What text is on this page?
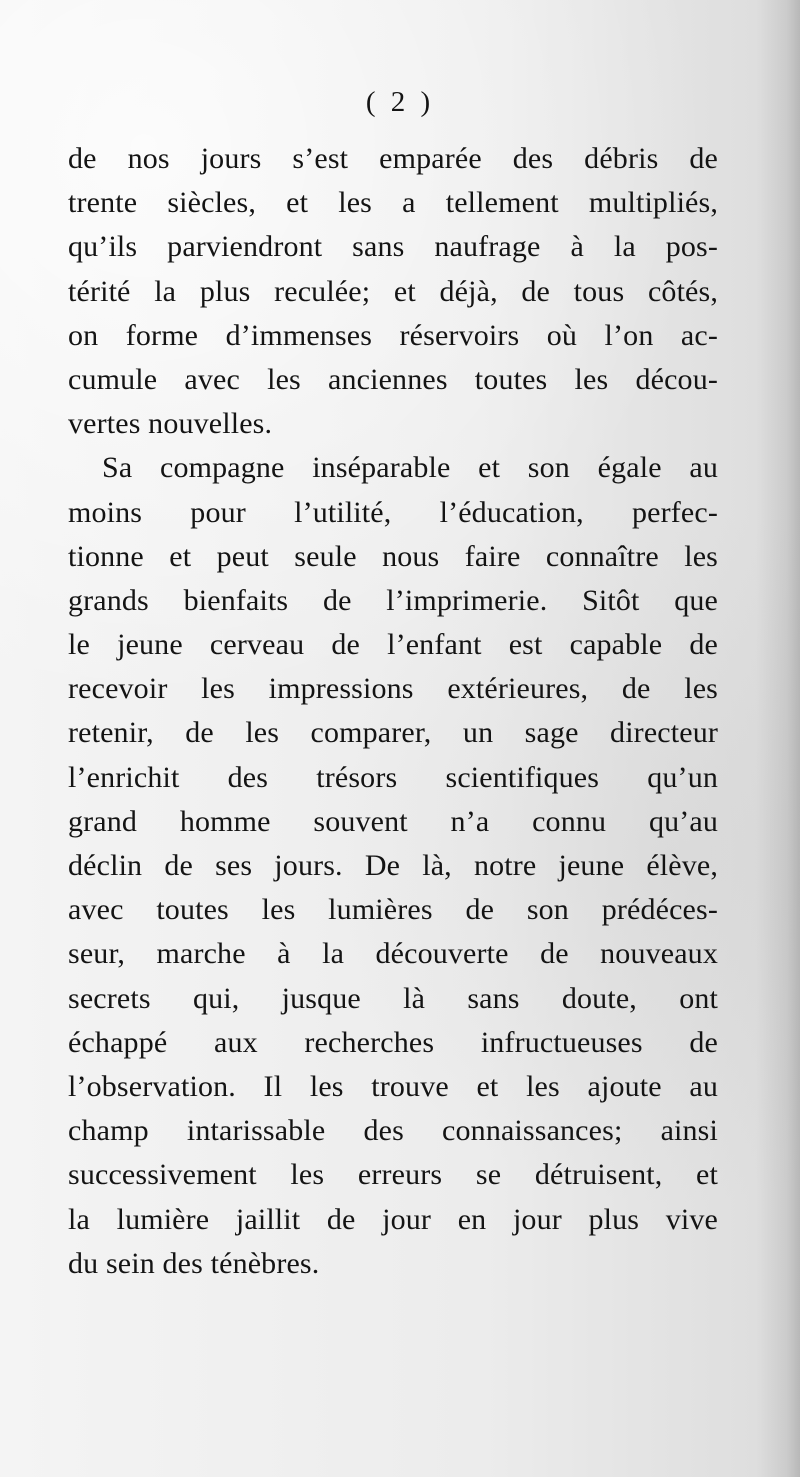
( 2 )
de nos jours s’est emparée des débris de
trente siècles, et les a tellement multipliés,
qu’ils parviendront sans naufrage à la pos-
térité la plus reculée; et déjà, de tous côtés,
on forme d’immenses réservoirs où l’on ac-
cumule avec les anciennes toutes les décou-
vertes nouvelles.
Sa compagne inséparable et son égale au
moins pour l’utilité, l’éducation, perfec-
tionne et peut seule nous faire connaître les
grands bienfaits de l’imprimerie. Sitôt que
le jeune cerveau de l’enfant est capable de
recevoir les impressions extérieures, de les
retenir, de les comparer, un sage directeur
l’enrichit des trésors scientifiques qu’un
grand homme souvent n’a connu qu’au
déclin de ses jours. De là, notre jeune élève,
avec toutes les lumières de son prédéces-
seur, marche à la découverte de nouveaux
secrets qui, jusque là sans doute, ont
échappé aux recherches infructueuses de
l’observation. Il les trouve et les ajoute au
champ intarissable des connaissances; ainsi
successivement les erreurs se détruisent, et
la lumière jaillit de jour en jour plus vive
du sein des ténèbres.
